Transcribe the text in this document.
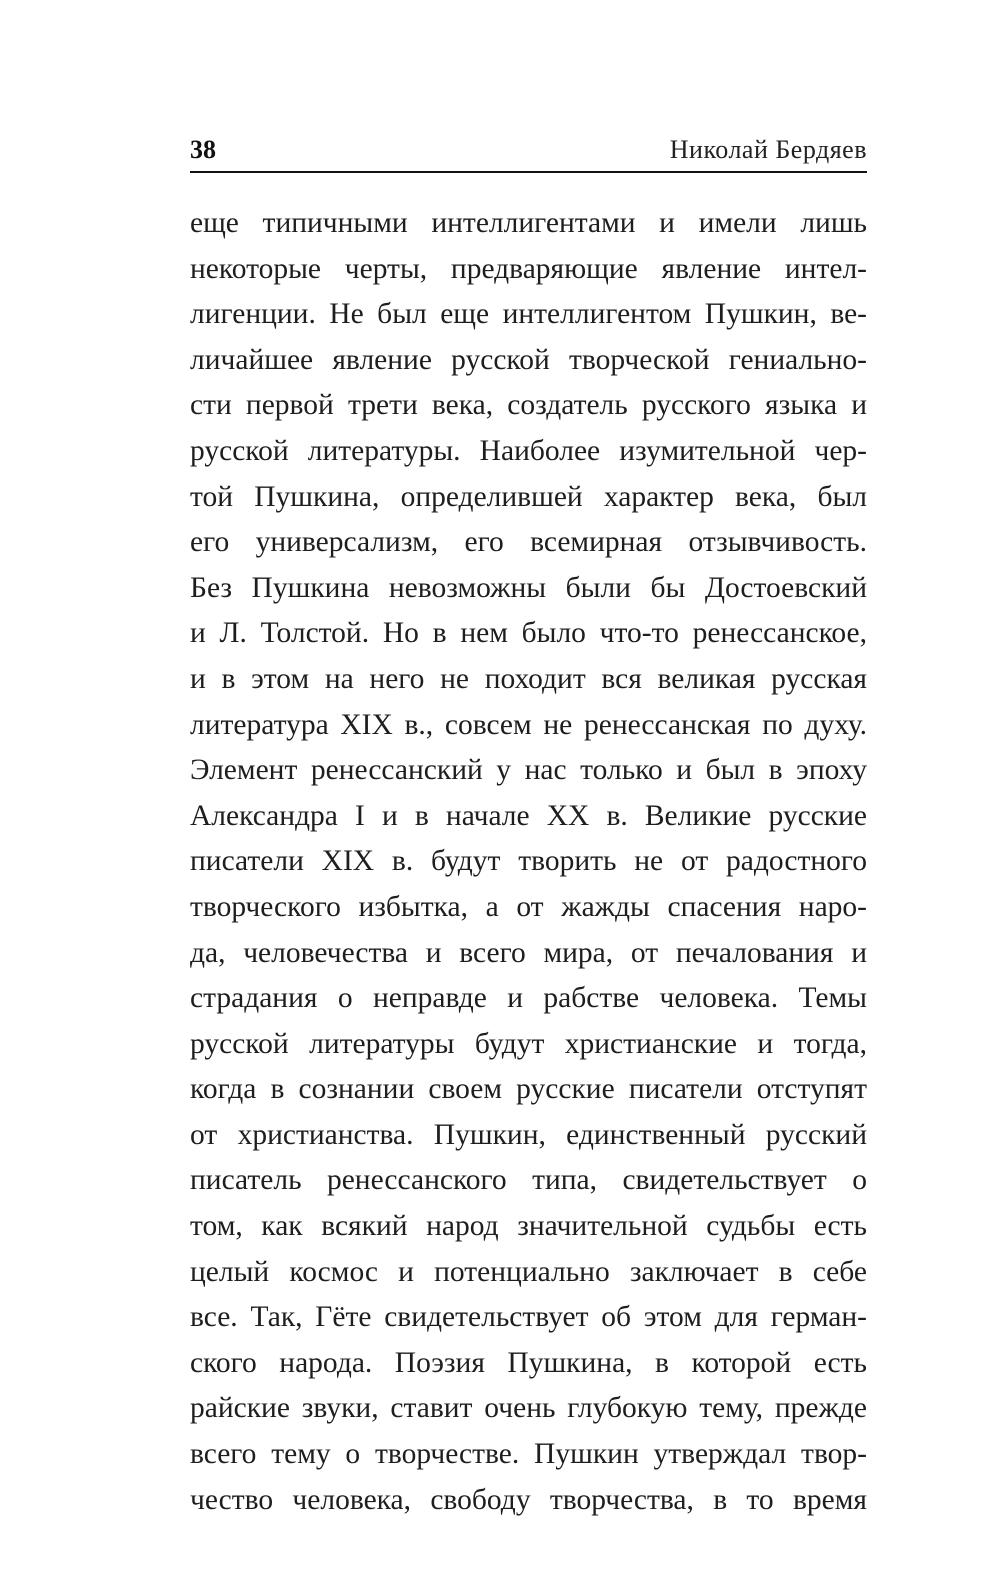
38	Николай Бердяев
еще типичными интеллигентами и имели лишь
некоторые черты, предваряющие явление интел-
лигенции. Не был еще интеллигентом Пушкин, ве-
личайшее явление русской творческой гениально-
сти первой трети века, создатель русского языка и
русской литературы. Наиболее изумительной чер-
той Пушкина, определившей характер века, был
его универсализм, его всемирная отзывчивость.
Без Пушкина невозможны были бы Достоевский
и Л. Толстой. Но в нем было что-то ренессанское,
и в этом на него не походит вся великая русская
литература XIX в., совсем не ренессанская по духу.
Элемент ренессанский у нас только и был в эпоху
Александра I и в начале XX в. Великие русские
писатели XIX в. будут творить не от радостного
творческого избытка, а от жажды спасения наро-
да, человечества и всего мира, от печалования и
страдания о неправде и рабстве человека. Темы
русской литературы будут христианские и тогда,
когда в сознании своем русские писатели отступят
от христианства. Пушкин, единственный русский
писатель ренессанского типа, свидетельствует о
том, как всякий народ значительной судьбы есть
целый космос и потенциально заключает в себе
все. Так, Гёте свидетельствует об этом для герман-
ского народа. Поэзия Пушкина, в которой есть
райские звуки, ставит очень глубокую тему, прежде
всего тему о творчестве. Пушкин утверждал твор-
чество человека, свободу творчества, в то время
